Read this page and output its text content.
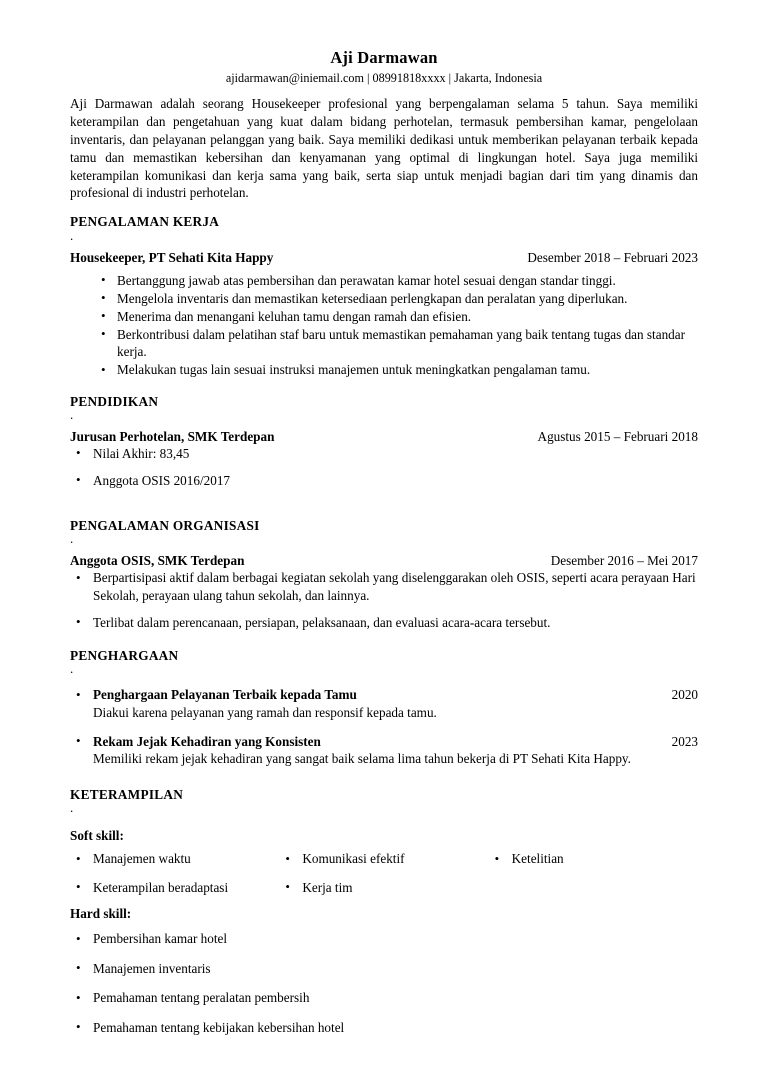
Aji Darmawan
ajidarmawan@iniemail.com | 08991818xxxx | Jakarta, Indonesia

Aji Darmawan adalah seorang Housekeeper profesional yang berpengalaman selama 5 tahun. Saya memiliki keterampilan dan pengetahuan yang kuat dalam bidang perhotelan, termasuk pembersihan kamar, pengelolaan inventaris, dan pelayanan pelanggan yang baik. Saya memiliki dedikasi untuk memberikan pelayanan terbaik kepada tamu dan memastikan kebersihan dan kenyamanan yang optimal di lingkungan hotel. Saya juga memiliki keterampilan komunikasi dan kerja sama yang baik, serta siap untuk menjadi bagian dari tim yang dinamis dan profesional di industri perhotelan.

PENGALAMAN KERJA
.
Housekeeper, PT Sehati Kita Happy	Desember 2018 – Februari 2023
• Bertanggung jawab atas pembersihan dan perawatan kamar hotel sesuai dengan standar tinggi.
• Mengelola inventaris dan memastikan ketersediaan perlengkapan dan peralatan yang diperlukan.
• Menerima dan menangani keluhan tamu dengan ramah dan efisien.
• Berkontribusi dalam pelatihan staf baru untuk memastikan pemahaman yang baik tentang tugas dan standar kerja.
• Melakukan tugas lain sesuai instruksi manajemen untuk meningkatkan pengalaman tamu.
PENDIDIKAN
.
Jurusan Perhotelan, SMK Terdepan	Agustus 2015 – Februari 2018
• Nilai Akhir: 83,45
• Anggota OSIS 2016/2017
PENGALAMAN ORGANISASI
.
Anggota OSIS, SMK Terdepan	Desember 2016 – Mei 2017
• Berpartisipasi aktif dalam berbagai kegiatan sekolah yang diselenggarakan oleh OSIS, seperti acara perayaan Hari Sekolah, perayaan ulang tahun sekolah, dan lainnya.
• Terlibat dalam perencanaan, persiapan, pelaksanaan, dan evaluasi acara-acara tersebut.
PENGHARGAAN
.
• Penghargaan Pelayanan Terbaik kepada Tamu	2020
Diakui karena pelayanan yang ramah dan responsif kepada tamu.
• Rekam Jejak Kehadiran yang Konsisten	2023
Memiliki rekam jejak kehadiran yang sangat baik selama lima tahun bekerja di PT Sehati Kita Happy.
KETERAMPILAN
.
Soft skill:
• Manajemen waktu	• Komunikasi efektif	• Ketelitian
• Keterampilan beradaptasi	• Kerja tim
Hard skill:
• Pembersihan kamar hotel
• Manajemen inventaris
• Pemahaman tentang peralatan pembersih
• Pemahaman tentang kebijakan kebersihan hotel
